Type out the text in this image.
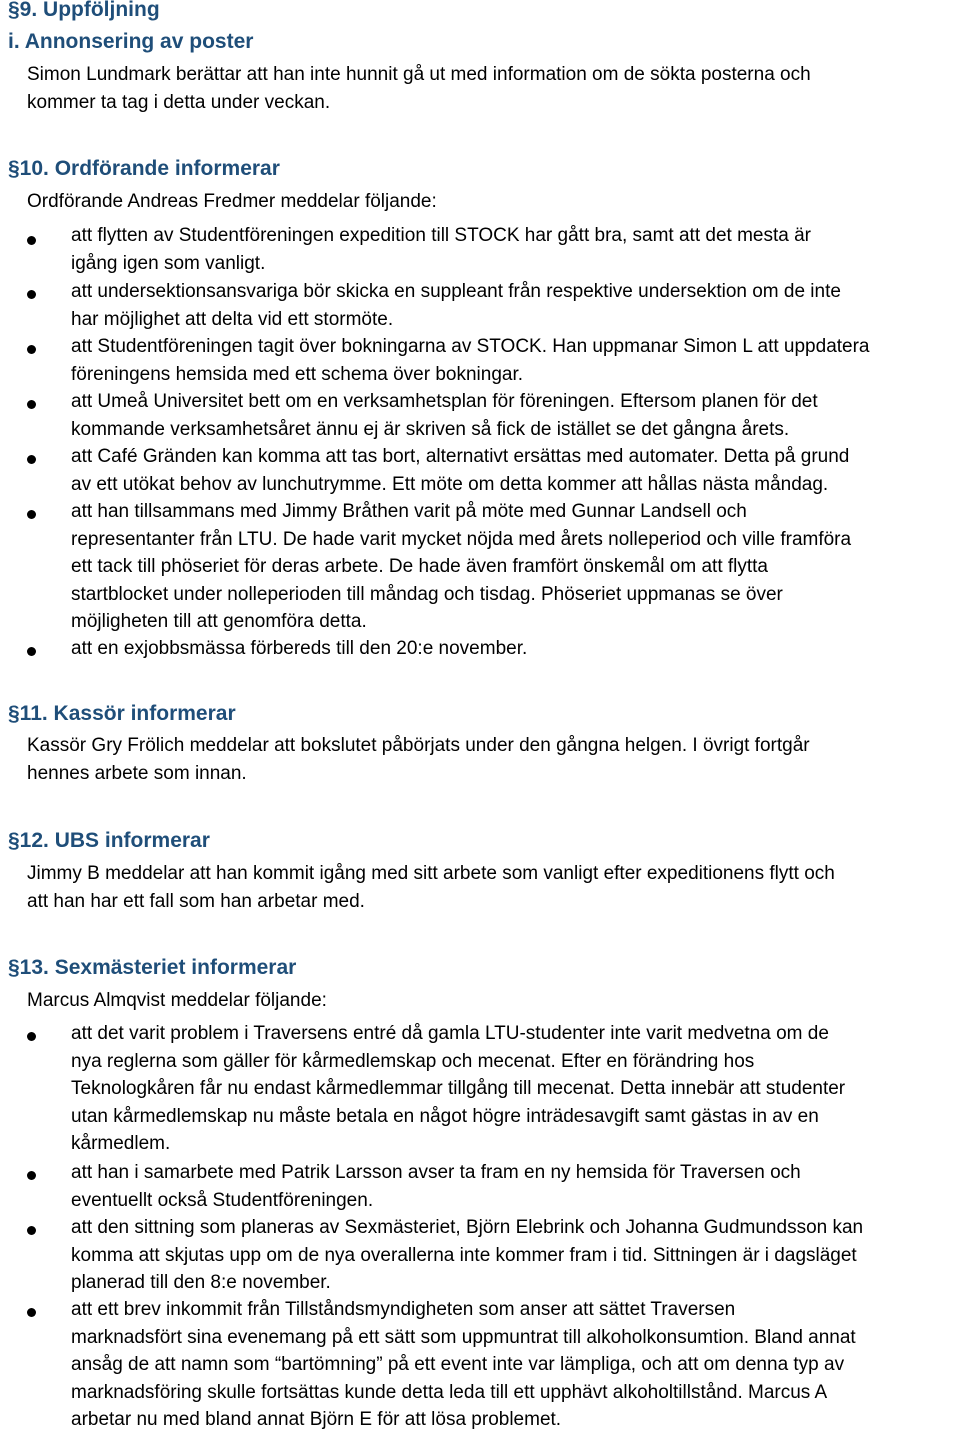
§9. Uppföljning
i. Annonsering av poster

Simon Lundmark berättar att han inte hunnit gå ut med information om de sökta posterna och
kommer ta tag i detta under veckan.

§10. Ordförande informerar

Ordförande Andreas Fredmer meddelar följande:

att flytten av Studentföreningen expedition till STOCK har gått bra, samt att det mesta är
igång igen som vanligt.

att undersektionsansvariga bör skicka en suppleant från respektive undersektion om de inte
har möjlighet att delta vid ett stormöte.

att Studentföreningen tagit över bokningarna av STOCK. Han uppmanar Simon L att uppdatera
föreningens hemsida med ett schema över bokningar.

att Umeå Universitet bett om en verksamhetsplan för föreningen. Eftersom planen för det
kommande verksamhetsåret ännu ej är skriven så fick de istället se det gångna årets.

att Café Gränden kan komma att tas bort, alternativt ersättas med automater. Detta på grund
av ett utökat behov av lunchutrymme. Ett möte om detta kommer att hållas nästa måndag.

att han tillsammans med Jimmy Bråthen varit på möte med Gunnar Landsell och
representanter från LTU. De hade varit mycket nöjda med årets nolleperiod och ville framföra
ett tack till phöseriet för deras arbete. De hade även framfört önskemål om att flytta
startblocket under nolleperioden till måndag och tisdag. Phöseriet uppmanas se över
möjligheten till att genomföra detta.

att en exjobbsmässa förbereds till den 20:e november.

§11. Kassör informerar

Kassör Gry Frölich meddelar att bokslutet påbörjats under den gångna helgen. I övrigt fortgår
hennes arbete som innan.

§12. UBS informerar

Jimmy B meddelar att han kommit igång med sitt arbete som vanligt efter expeditionens flytt och
att han har ett fall som han arbetar med.

§13. Sexmästeriet informerar

Marcus Almqvist meddelar följande:

att det varit problem i Traversens entré då gamla LTU-studenter inte varit medvetna om de
nya reglerna som gäller för kårmedlemskap och mecenat. Efter en förändring hos
Teknologkåren får nu endast kårmedlemmar tillgång till mecenat. Detta innebär att studenter
utan kårmedlemskap nu måste betala en något högre inträdesavgift samt gästas in av en
kårmedlem.

att han i samarbete med Patrik Larsson avser ta fram en ny hemsida för Traversen och
eventuellt också Studentföreningen.

att den sittning som planeras av Sexmästeriet, Björn Elebrink och Johanna Gudmundsson kan
komma att skjutas upp om de nya overallerna inte kommer fram i tid. Sittningen är i dagsläget
planerad till den 8:e november.

att ett brev inkommit från Tillståndsmyndigheten som anser att sättet Traversen
marknadsfört sina evenemang på ett sätt som uppmuntrat till alkoholkonsumtion. Bland annat
ansåg de att namn som “bartömning” på ett event inte var lämpliga, och att om denna typ av
marknadsföring skulle fortsättas kunde detta leda till ett upphävt alkoholtillstånd. Marcus A
arbetar nu med bland annat Björn E för att lösa problemet.
